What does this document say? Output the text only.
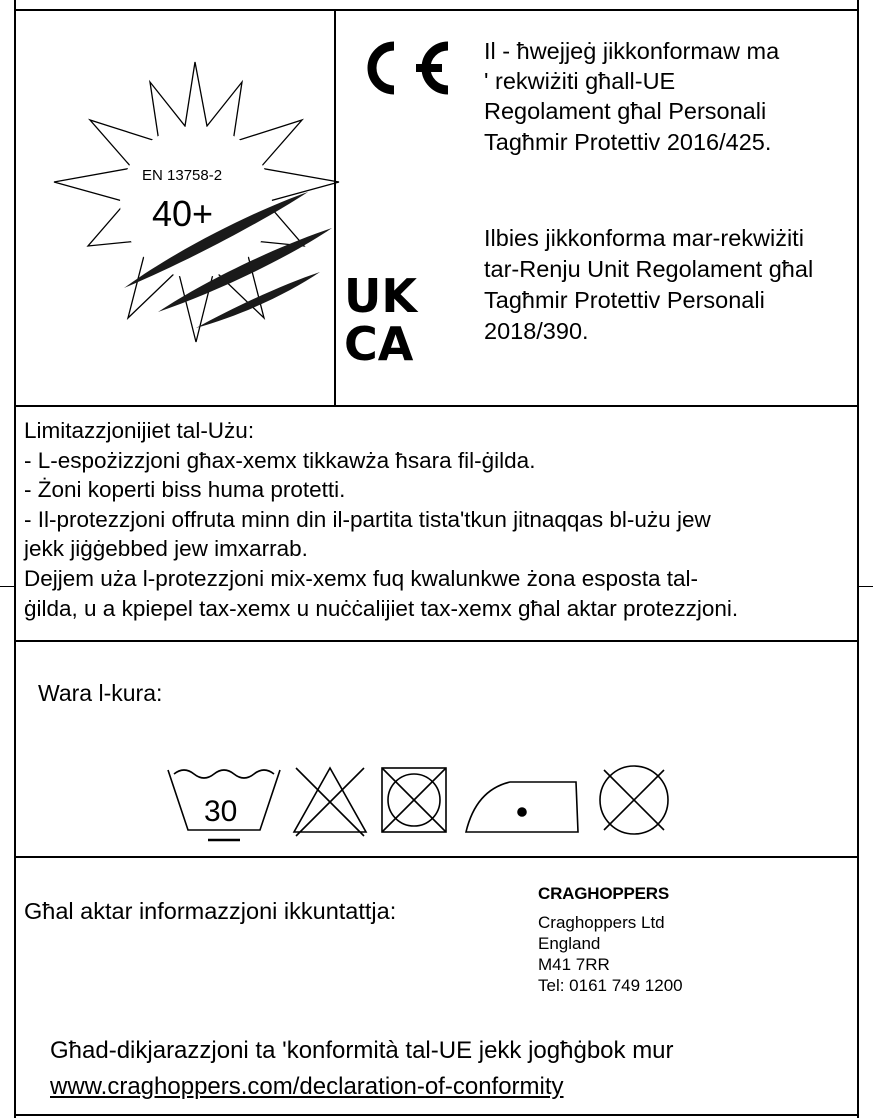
EN 13758-2
40+
Il - ħwejjeġ jikkonformaw ma
' rekwiżiti għall-UE
Regolament għal Personali
Tagħmir Protettiv 2016/425.
UK
CA
Ilbies jikkonforma mar-rekwiżiti
tar-Renju Unit Regolament għal
Tagħmir Protettiv Personali
2018/390.
Limitazzjonijiet tal-Użu:
- L-espożizzjoni għax-xemx tikkawża ħsara fil-ġilda.
- Żoni koperti biss huma protetti.
- Il-protezzjoni offruta minn din il-partita tista'tkun jitnaqqas bl-użu jew
jekk jiġġebbed jew imxarrab.
Dejjem uża l-protezzjoni mix-xemx fuq kwalunkwe żona esposta tal-
ġilda, u a kpiepel tax-xemx u nuċċalijiet tax-xemx għal aktar protezzjoni.
Wara l-kura:
30
Għal aktar informazzjoni ikkuntattja:
CRAGHOPPERS
Craghoppers Ltd
England
M41 7RR
Tel: 0161 749 1200
Għad-dikjarazzjoni ta 'konformità tal-UE jekk jogħġbok mur
www.craghoppers.com/declaration-of-conformity
